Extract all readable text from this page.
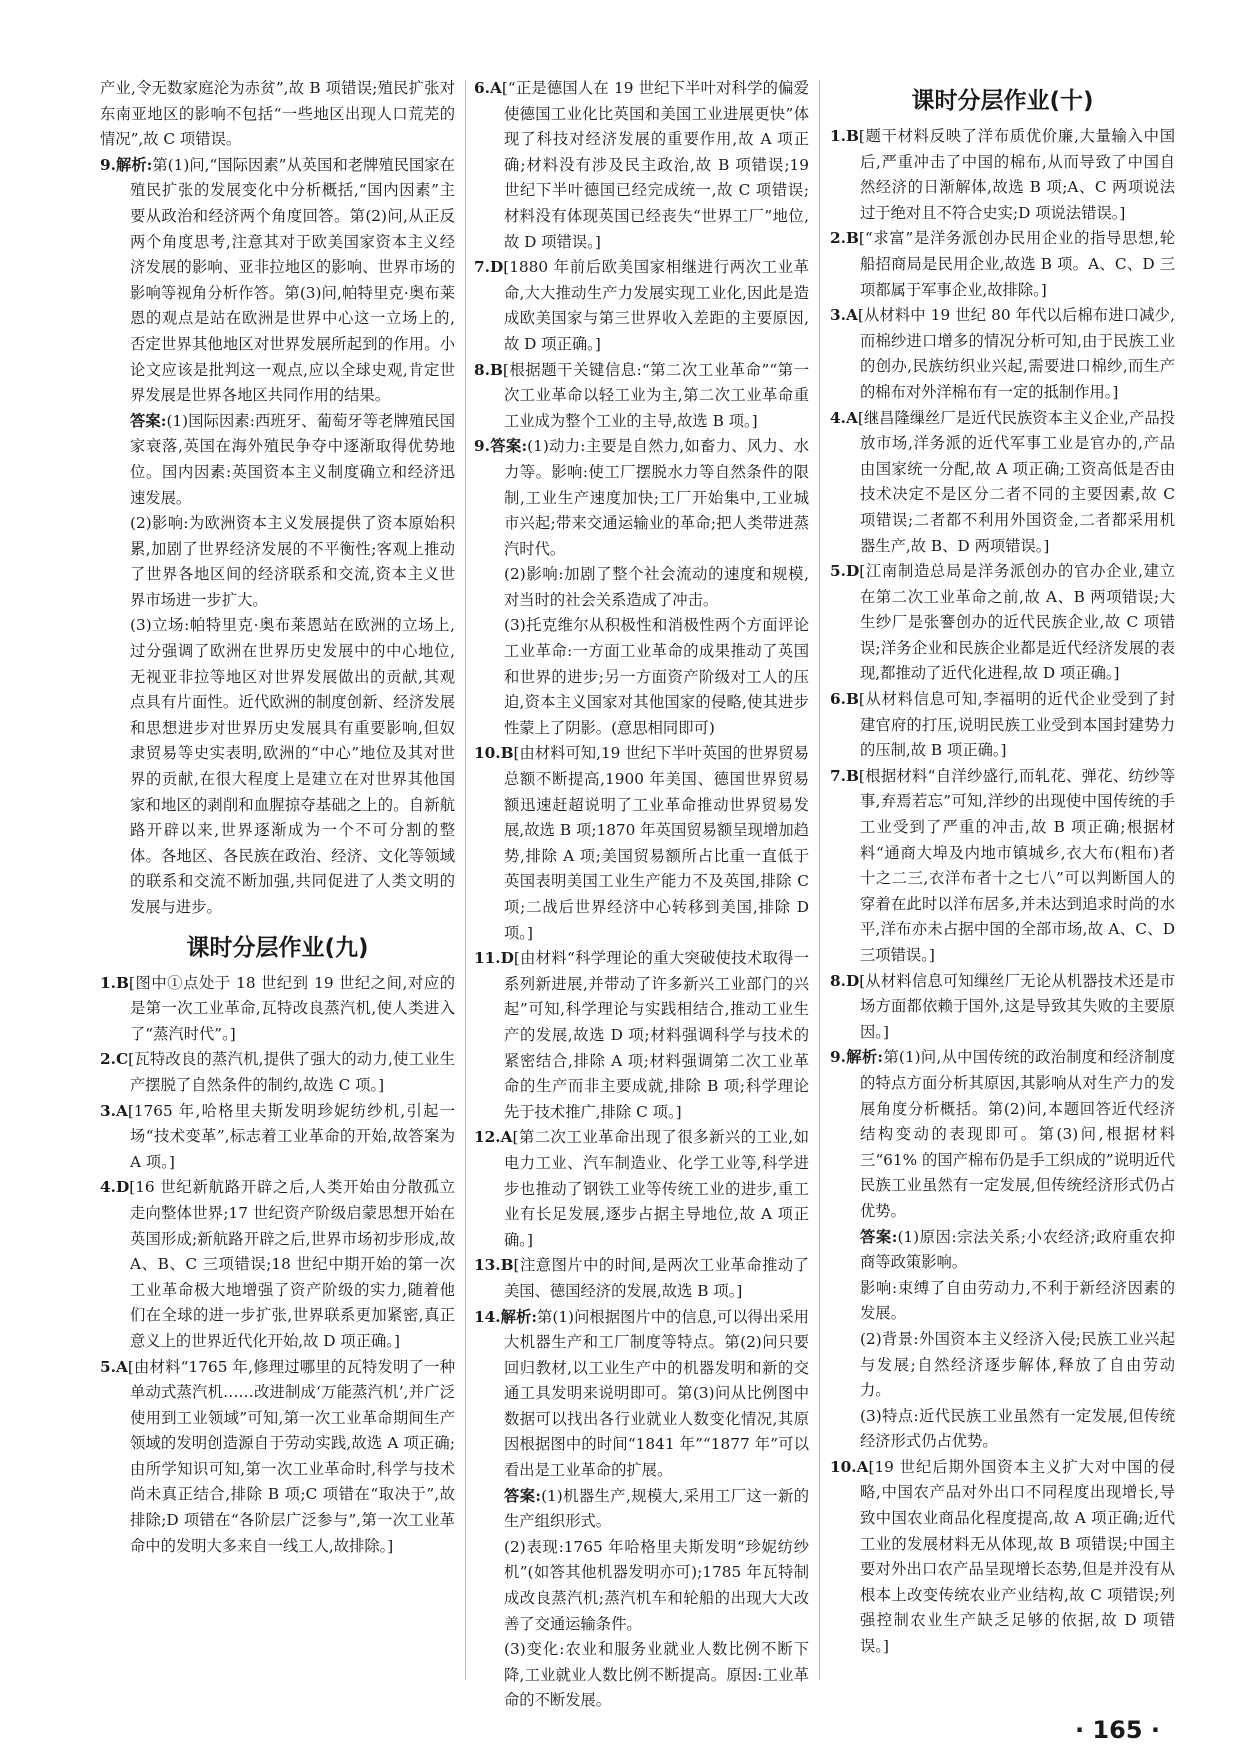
产业,令无数家庭沦为赤贫”,故 B 项错误;殖民扩张对东南亚地区的影响不包括“一些地区出现人口荒芜的情况”,故 C 项错误。
9.解析:第(1)问,“国际因素”从英国和老牌殖民国家在殖民扩张的发展变化中分析概括,“国内因素”主要从政治和经济两个角度回答。第(2)问,从正反两个角度思考,注意其对于欧美国家资本主义经济发展的影响、亚非拉地区的影响、世界市场的影响等视角分析作答。第(3)问,帕特里克·奥布莱恩的观点是站在欧洲是世界中心这一立场上的,否定世界其他地区对世界发展所起到的作用。小论文应该是批判这一观点,应以全球史观,肯定世界发展是世界各地区共同作用的结果。
答案:(1)国际因素:西班牙、葡萄牙等老牌殖民国家衰落,英国在海外殖民争夺中逐渐取得优势地位。国内因素:英国资本主义制度确立和经济迅速发展。
(2)影响:为欧洲资本主义发展提供了资本原始积累,加剧了世界经济发展的不平衡性;客观上推动了世界各地区间的经济联系和交流,资本主义世界市场进一步扩大。
(3)立场:帕特里克·奥布莱恩站在欧洲的立场上,过分强调了欧洲在世界历史发展中的中心地位,无视亚非拉等地区对世界发展做出的贡献,其观点具有片面性。近代欧洲的制度创新、经济发展和思想进步对世界历史发展具有重要影响,但奴隶贸易等史实表明,欧洲的“中心”地位及其对世界的贡献,在很大程度上是建立在对世界其他国家和地区的剥削和血腥掠夺基础之上的。自新航路开辟以来,世界逐渐成为一个不可分割的整体。各地区、各民族在政治、经济、文化等领域的联系和交流不断加强,共同促进了人类文明的发展与进步。
课时分层作业(九)
1.B[图中①点处于 18 世纪到 19 世纪之间,对应的是第一次工业革命,瓦特改良蒸汽机,使人类进入了“蒸汽时代”。]
2.C[瓦特改良的蒸汽机,提供了强大的动力,使工业生产摆脱了自然条件的制约,故选 C 项。]
3.A[1765 年,哈格里夫斯发明珍妮纺纱机,引起一场“技术变革”,标志着工业革命的开始,故答案为 A 项。]
4.D[16 世纪新航路开辟之后,人类开始由分散孤立走向整体世界;17 世纪资产阶级启蒙思想开始在英国形成;新航路开辟之后,世界市场初步形成,故 A、B、C 三项错误;18 世纪中期开始的第一次工业革命极大地增强了资产阶级的实力,随着他们在全球的进一步扩张,世界联系更加紧密,真正意义上的世界近代化开始,故 D 项正确。]
5.A[由材料“1765 年,修理过哪里的瓦特发明了一种单动式蒸汽机……改进制成‘万能蒸汽机’,并广泛使用到工业领域”可知,第一次工业革命期间生产领域的发明创造源自于劳动实践,故选 A 项正确;由所学知识可知,第一次工业革命时,科学与技术尚未真正结合,排除 B 项;C 项错在“取决于”,故排除;D 项错在“各阶层广泛参与”,第一次工业革命中的发明大多来自一线工人,故排除。]
6.A[“正是德国人在 19 世纪下半叶对科学的偏爱使德国工业化比英国和美国工业进展更快”体现了科技对经济发展的重要作用,故 A 项正确;材料没有涉及民主政治,故 B 项错误;19 世纪下半叶德国已经完成统一,故 C 项错误;材料没有体现英国已经丧失“世界工厂”地位,故 D 项错误。]
7.D[1880 年前后欧美国家相继进行两次工业革命,大大推动生产力发展实现工业化,因此是造成欧美国家与第三世界收入差距的主要原因,故 D 项正确。]
8.B[根据题干关键信息:“第二次工业革命”“第一次工业革命以轻工业为主,第二次工业革命重工业成为整个工业的主导,故选 B 项。]
9.答案:(1)动力:主要是自然力,如畜力、风力、水力等。影响:使工厂摆脱水力等自然条件的限制,工业生产速度加快;工厂开始集中,工业城市兴起;带来交通运输业的革命;把人类带进蒸汽时代。
(2)影响:加剧了整个社会流动的速度和规模,对当时的社会关系造成了冲击。
(3)托克维尔从积极性和消极性两个方面评论工业革命:一方面工业革命的成果推动了英国和世界的进步;另一方面资产阶级对工人的压迫,资本主义国家对其他国家的侵略,使其进步性蒙上了阴影。(意思相同即可)
10.B[由材料可知,19 世纪下半叶英国的世界贸易总额不断提高,1900 年美国、德国世界贸易额迅速赶超说明了工业革命推动世界贸易发展,故选 B 项;1870 年英国贸易额呈现增加趋势,排除 A 项;美国贸易额所占比重一直低于英国表明美国工业生产能力不及英国,排除 C 项;二战后世界经济中心转移到美国,排除 D 项。]
11.D[由材料“科学理论的重大突破使技术取得一系列新进展,并带动了许多新兴工业部门的兴起”可知,科学理论与实践相结合,推动工业生产的发展,故选 D 项;材料强调科学与技术的紧密结合,排除 A 项;材料强调第二次工业革命的生产而非主要成就,排除 B 项;科学理论先于技术推广,排除 C 项。]
12.A[第二次工业革命出现了很多新兴的工业,如电力工业、汽车制造业、化学工业等,科学进步也推动了钢铁工业等传统工业的进步,重工业有长足发展,逐步占据主导地位,故 A 项正确。]
13.B[注意图片中的时间,是两次工业革命推动了美国、德国经济的发展,故选 B 项。]
14.解析:第(1)问根据图片中的信息,可以得出采用大机器生产和工厂制度等特点。第(2)问只要回归教材,以工业生产中的机器发明和新的交通工具发明来说明即可。第(3)问从比例图中数据可以找出各行业就业人数变化情况,其原因根据图中的时间“1841 年”“1877 年”可以看出是工业革命的扩展。
答案:(1)机器生产,规模大,采用工厂这一新的生产组织形式。
(2)表现:1765 年哈格里夫斯发明“珍妮纺纱机”(如答其他机器发明亦可);1785 年瓦特制成改良蒸汽机;蒸汽机车和轮船的出现大大改善了交通运输条件。
(3)变化:农业和服务业就业人数比例不断下降,工业就业人数比例不断提高。原因:工业革命的不断发展。
课时分层作业(十)
1.B[题干材料反映了洋布质优价廉,大量输入中国后,严重冲击了中国的棉布,从而导致了中国自然经济的日渐解体,故选 B 项;A、C 两项说法过于绝对且不符合史实;D 项说法错误。]
2.B[“求富”是洋务派创办民用企业的指导思想,轮船招商局是民用企业,故选 B 项。A、C、D 三项都属于军事企业,故排除。]
3.A[从材料中 19 世纪 80 年代以后棉布进口减少,而棉纱进口增多的情况分析可知,由于民族工业的创办,民族纺织业兴起,需要进口棉纱,而生产的棉布对外洋棉布有一定的抵制作用。]
4.A[继昌隆缫丝厂是近代民族资本主义企业,产品投放市场,洋务派的近代军事工业是官办的,产品由国家统一分配,故 A 项正确;工资高低是否由技术决定不是区分二者不同的主要因素,故 C 项错误;二者都不利用外国资金,二者都采用机器生产,故 B、D 两项错误。]
5.D[江南制造总局是洋务派创办的官办企业,建立在第二次工业革命之前,故 A、B 两项错误;大生纱厂是张謇创办的近代民族企业,故 C 项错误;洋务企业和民族企业都是近代经济发展的表现,都推动了近代化进程,故 D 项正确。]
6.B[从材料信息可知,李福明的近代企业受到了封建官府的打压,说明民族工业受到本国封建势力的压制,故 B 项正确。]
7.B[根据材料“自洋纱盛行,而轧花、弹花、纺纱等事,弃焉若忘”可知,洋纱的出现使中国传统的手工业受到了严重的冲击,故 B 项正确;根据材料“通商大埠及内地市镇城乡,衣大布(粗布)者十之二三,衣洋布者十之七八”可以判断国人的穿着在此时以洋布居多,并未达到追求时尚的水平,洋布亦未占据中国的全部市场,故 A、C、D 三项错误。]
8.D[从材料信息可知缫丝厂无论从机器技术还是市场方面都依赖于国外,这是导致其失败的主要原因。]
9.解析:第(1)问,从中国传统的政治制度和经济制度的特点方面分析其原因,其影响从对生产力的发展角度分析概括。第(2)问,本题回答近代经济结构变动的表现即可。第(3)问,根据材料三“61% 的国产棉布仍是手工织成的”说明近代民族工业虽然有一定发展,但传统经济形式仍占优势。
答案:(1)原因:宗法关系;小农经济;政府重农抑商等政策影响。
影响:束缚了自由劳动力,不利于新经济因素的发展。
(2)背景:外国资本主义经济入侵;民族工业兴起与发展;自然经济逐步解体,释放了自由劳动力。
(3)特点:近代民族工业虽然有一定发展,但传统经济形式仍占优势。
10.A[19 世纪后期外国资本主义扩大对中国的侵略,中国农产品对外出口不同程度出现增长,导致中国农业商品化程度提高,故 A 项正确;近代工业的发展材料无从体现,故 B 项错误;中国主要对外出口农产品呈现增长态势,但是并没有从根本上改变传统农业产业结构,故 C 项错误;列强控制农业生产缺乏足够的依据,故 D 项错误。]
· 165 ·
